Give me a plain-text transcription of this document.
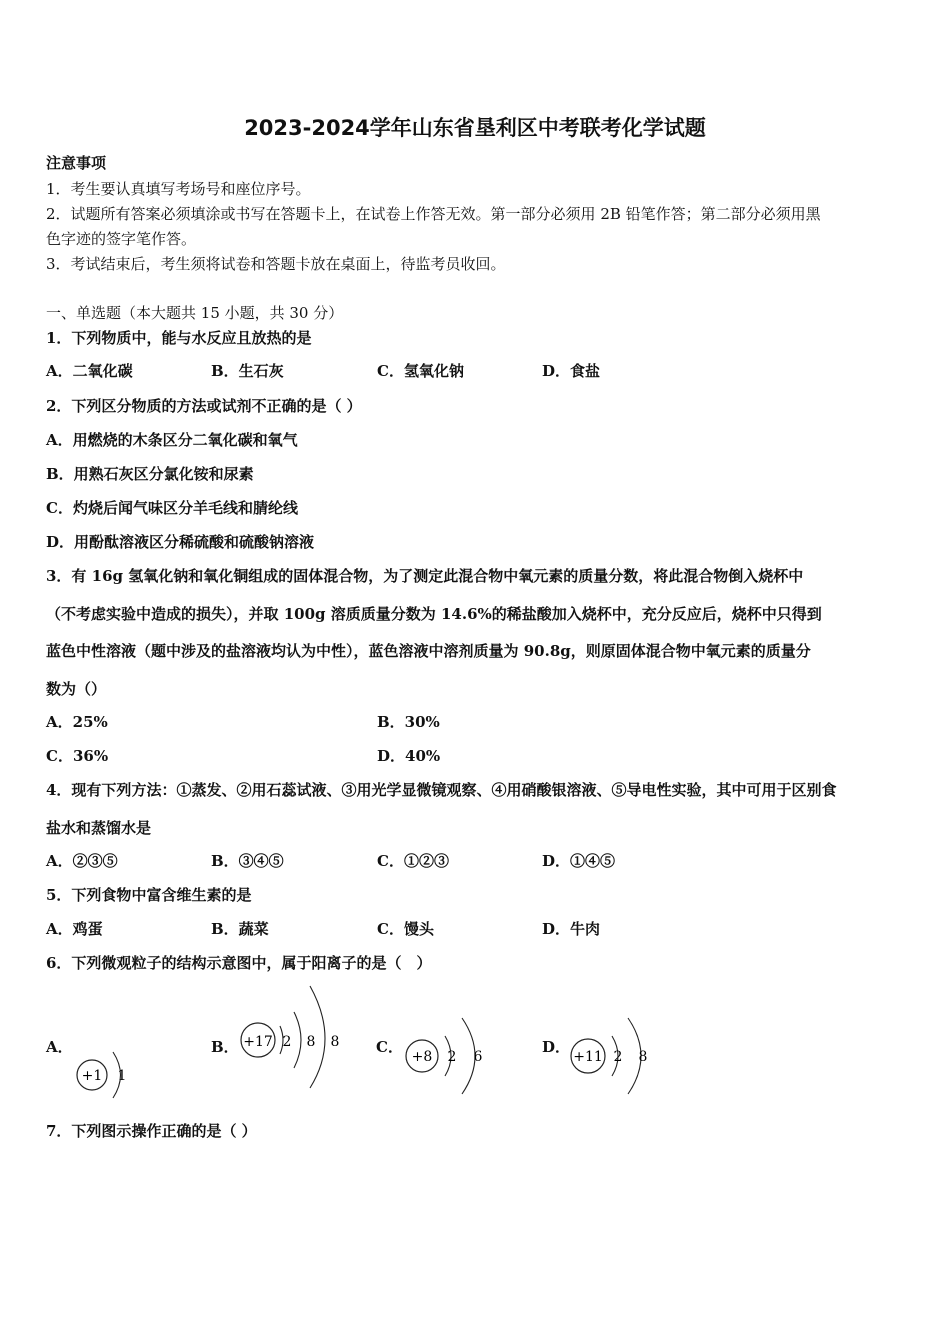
2023-2024学年山东省垦利区中考联考化学试题
注意事项
1．考生要认真填写考场号和座位序号。
2．试题所有答案必须填涂或书写在答题卡上，在试卷上作答无效。第一部分必须用 2B 铅笔作答；第二部分必须用黑
色字迹的签字笔作答。
3．考试结束后，考生须将试卷和答题卡放在桌面上，待监考员收回。
一、单选题（本大题共 15 小题，共 30 分）
1．下列物质中，能与水反应且放热的是
A．二氧化碳	B．生石灰	C．氢氧化钠	D．食盐
2．下列区分物质的方法或试剂不正确的是（ ）
A．用燃烧的木条区分二氧化碳和氧气
B．用熟石灰区分氯化铵和尿素
C．灼烧后闻气味区分羊毛线和腈纶线
D．用酚酞溶液区分稀硫酸和硫酸钠溶液
3．有 16g 氢氧化钠和氧化铜组成的固体混合物，为了测定此混合物中氧元素的质量分数，将此混合物倒入烧杯中
（不考虑实验中造成的损失），并取 100g 溶质质量分数为 14.6%的稀盐酸加入烧杯中，充分反应后，烧杯中只得到
蓝色中性溶液（题中涉及的盐溶液均认为中性），蓝色溶液中溶剂质量为 90.8g，则原固体混合物中氧元素的质量分
数为（）
A．25%	B．30%
C．36%	D．40%
4．现有下列方法：①蒸发、②用石蕊试液、③用光学显微镜观察、④用硝酸银溶液、⑤导电性实验，其中可用于区别食
盐水和蒸馏水是
A．②③⑤	B．③④⑤	C．①②③	D．①④⑤
5．下列食物中富含维生素的是
A．鸡蛋	B．蔬菜	C．馒头	D．牛肉
6．下列微观粒子的结构示意图中，属于阳离子的是（　）
A．	B．	C．	D．
+1 1
+17 2 8 8
+8 2 6	+11 2 8
7．下列图示操作正确的是（ ）
